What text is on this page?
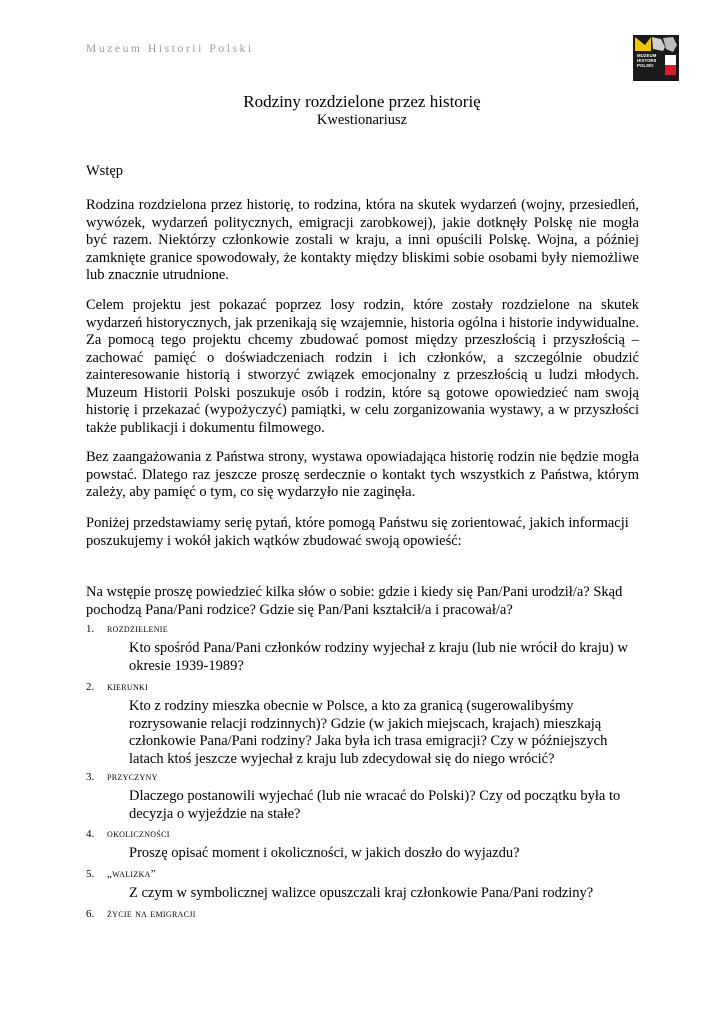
Muzeum Historii Polski
MUZEUM
HISTORII
POLSKI
Rodziny rozdzielone przez historię
Kwestionariusz
Wstęp
Rodzina rozdzielona przez historię, to rodzina, która na skutek wydarzeń (wojny, przesiedleń, wywózek, wydarzeń politycznych, emigracji zarobkowej), jakie dotknęły Polskę nie mogła być razem. Niektórzy członkowie zostali w kraju, a inni opuścili Polskę. Wojna, a później zamknięte granice spowodowały, że kontakty między bliskimi sobie osobami były niemożliwe lub znacznie utrudnione.
Celem projektu jest pokazać poprzez losy rodzin, które zostały rozdzielone na skutek wydarzeń historycznych, jak przenikają się wzajemnie, historia ogólna i historie indywidualne. Za pomocą tego projektu chcemy zbudować pomost między przeszłością i przyszłością – zachować pamięć o doświadczeniach rodzin i ich członków, a szczególnie obudzić zainteresowanie historią i stworzyć związek emocjonalny z przeszłością u ludzi młodych. Muzeum Historii Polski poszukuje osób i rodzin, które są gotowe opowiedzieć nam swoją historię i przekazać (wypożyczyć) pamiątki, w celu zorganizowania wystawy, a w przyszłości także publikacji i dokumentu filmowego.
Bez zaangażowania z Państwa strony, wystawa opowiadająca historię rodzin nie będzie mogła powstać. Dlatego raz jeszcze proszę serdecznie o kontakt tych wszystkich z Państwa, którym zależy, aby pamięć o tym, co się wydarzyło nie zaginęła.
Poniżej przedstawiamy serię pytań, które pomogą Państwu się zorientować, jakich informacji poszukujemy i wokół jakich wątków zbudować swoją opowieść:
Na wstępie proszę powiedzieć kilka słów o sobie: gdzie i kiedy się Pan/Pani urodził/a? Skąd pochodzą Pana/Pani rodzice? Gdzie się Pan/Pani kształcił/a i pracował/a?
1. rozdzielenie
Kto spośród Pana/Pani członków rodziny wyjechał z kraju (lub nie wrócił do kraju) w okresie 1939-1989?
2. kierunki
Kto z rodziny mieszka obecnie w Polsce, a kto za granicą (sugerowalibyśmy rozrysowanie relacji rodzinnych)? Gdzie (w jakich miejscach, krajach) mieszkają członkowie Pana/Pani rodziny? Jaka była ich trasa emigracji? Czy w późniejszych latach ktoś jeszcze wyjechał z kraju lub zdecydował się do niego wrócić?
3. przyczyny
Dlaczego postanowili wyjechać (lub nie wracać do Polski)? Czy od początku była to decyzja o wyjeździe na stałe?
4. okoliczności
Proszę opisać moment i okoliczności, w jakich doszło do wyjazdu?
5. „walizka”
Z czym w symbolicznej walizce opuszczali kraj członkowie Pana/Pani rodziny?
6. życie na emigracji
